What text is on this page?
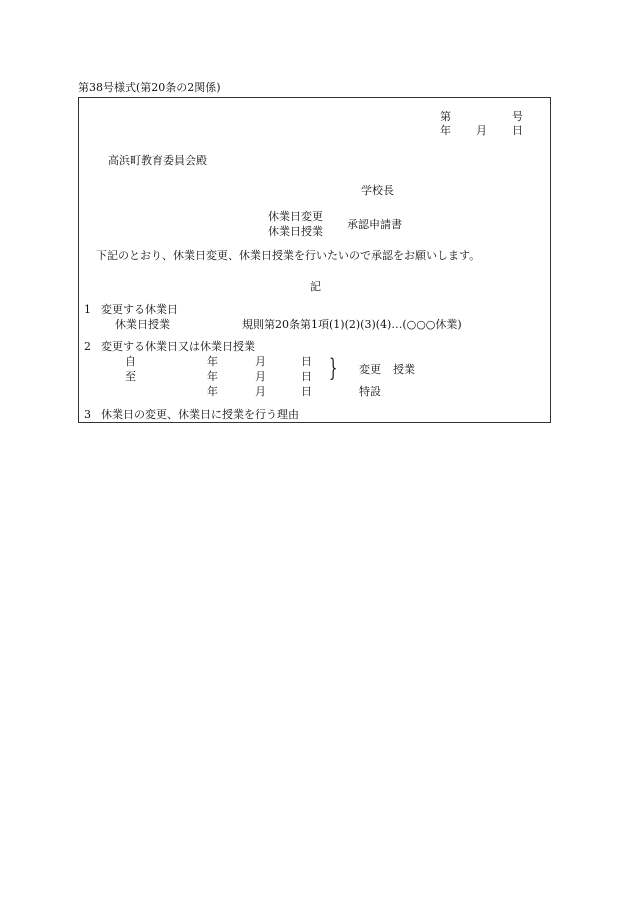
第38号様式(第20条の2関係)
第	号
年 月 日
高浜町教育委員会殿
学校長
休業日変更
休業日授業
承認申請書
下記のとおり、休業日変更、休業日授業を行いたいので承認をお願いします。
記
1 変更する休業日
休業日授業	規則第20条第1項(1)(2)(3)(4)…(○○○休業)
2 変更する休業日又は休業日授業
自	年	月	日
至	年	月	日
年	月	日
} 変更 授業
特設
3 休業日の変更、休業日に授業を行う理由
